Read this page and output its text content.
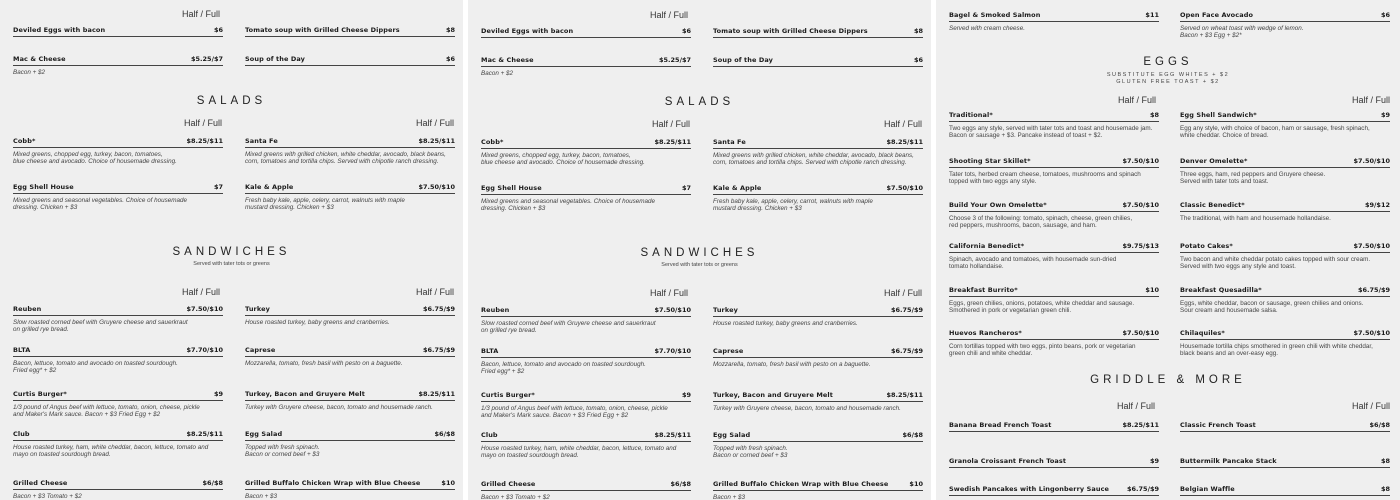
Half / Full
Deviled Eggs with bacon	$6	Tomato soup with Grilled Cheese Dippers	$8
Mac & Cheese	$5.25/$7
Bacon + $2
Soup of the Day	$6
SALADS
Half / Full	Half / Full
Cobb*	$8.25/$11
Mixed greens, chopped egg, turkey, bacon, tomatoes,
blue cheese and avocado. Choice of housemade dressing.
Santa Fe	$8.25/$11
Mixed greens with grilled chicken, white cheddar, avocado, black beans,
corn, tomatoes and tortilla chips. Served with chipotle ranch dressing.
Egg Shell House	$7
Mixed greens and seasonal vegetables. Choice of housemade
dressing. Chicken + $3
Kale & Apple	$7.50/$10
Fresh baby kale, apple, celery, carrot, walnuts with maple
mustard dressing. Chicken + $3
SANDWICHES
Served with tater tots or greens
Half / Full	Half / Full
Reuben	$7.50/$10
Slow roasted corned beef with Gruyere cheese and sauerkraut
on grilled rye bread.
Turkey	$6.75/$9
House roasted turkey, baby greens and cranberries.
BLTA	$7.70/$10
Bacon, lettuce, tomato and avocado on toasted sourdough.
Fried egg* + $2
Caprese	$6.75/$9
Mozzarella, tomato, fresh basil with pesto on a baguette.
Curtis Burger*	$9
1/3 pound of Angus beef with lettuce, tomato, onion, cheese, pickle
and Maker's Mark sauce. Bacon + $3 Fried Egg + $2
Turkey, Bacon and Gruyere Melt	$8.25/$11
Turkey with Gruyere cheese, bacon, tomato and housemade ranch.
Club	$8.25/$11
House roasted turkey, ham, white cheddar, bacon, lettuce, tomato and
mayo on toasted sourdough bread.
Egg Salad	$6/$8
Topped with fresh spinach.
Bacon or corned beef + $3
Grilled Cheese	$6/$8
Bacon + $3 Tomato + $2
Grilled Buffalo Chicken Wrap with Blue Cheese	$10
Bacon + $3
Half / Full
Deviled Eggs with bacon	$6	Tomato soup with Grilled Cheese Dippers	$8
Mac & Cheese	$5.25/$7
Bacon + $2
Soup of the Day	$6
SALADS
Half / Full	Half / Full
Cobb*	$8.25/$11
Mixed greens, chopped egg, turkey, bacon, tomatoes,
blue cheese and avocado. Choice of housemade dressing.
Santa Fe	$8.25/$11
Mixed greens with grilled chicken, white cheddar, avocado, black beans,
corn, tomatoes and tortilla chips. Served with chipotle ranch dressing.
Egg Shell House	$7
Mixed greens and seasonal vegetables. Choice of housemade
dressing. Chicken + $3
Kale & Apple	$7.50/$10
Fresh baby kale, apple, celery, carrot, walnuts with maple
mustard dressing. Chicken + $3
SANDWICHES
Served with tater tots or greens
Half / Full	Half / Full
Reuben	$7.50/$10
Slow roasted corned beef with Gruyere cheese and sauerkraut
on grilled rye bread.
Turkey	$6.75/$9
House roasted turkey, baby greens and cranberries.
BLTA	$7.70/$10
Bacon, lettuce, tomato and avocado on toasted sourdough.
Fried egg* + $2
Caprese	$6.75/$9
Mozzarella, tomato, fresh basil with pesto on a baguette.
Curtis Burger*	$9
1/3 pound of Angus beef with lettuce, tomato, onion, cheese, pickle
and Maker's Mark sauce. Bacon + $3 Fried Egg + $2
Turkey, Bacon and Gruyere Melt	$8.25/$11
Turkey with Gruyere cheese, bacon, tomato and housemade ranch.
Club	$8.25/$11
House roasted turkey, ham, white cheddar, bacon, lettuce, tomato and
mayo on toasted sourdough bread.
Egg Salad	$6/$8
Topped with fresh spinach.
Bacon or corned beef + $3
Grilled Cheese	$6/$8
Bacon + $3 Tomato + $2
Grilled Buffalo Chicken Wrap with Blue Cheese	$10
Bacon + $3
Bagel & Smoked Salmon	$11
Served with cream cheese.
Open Face Avocado	$6
Served on wheat toast with wedge of lemon.
Bacon + $3 Egg + $2*
EGGS
SUBSTITUTE EGG WHITES + $2
GLUTEN FREE TOAST + $2
Half / Full	Half / Full
Traditional*	$8
Two eggs any style, served with tater tots and toast and housemade jam.
Bacon or sausage + $3. Pancake instead of toast + $2.
Egg Shell Sandwich*	$9
Egg any style, with choice of bacon, ham or sausage, fresh spinach,
white cheddar. Choice of bread.
Shooting Star Skillet*	$7.50/$10
Tater tots, herbed cream cheese, tomatoes, mushrooms and spinach
topped with two eggs any style.
Denver Omelette*	$7.50/$10
Three eggs, ham, red peppers and Gruyere cheese.
Served with tater tots and toast.
Build Your Own Omelette*	$7.50/$10
Choose 3 of the following: tomato, spinach, cheese, green chilies,
red peppers, mushrooms, bacon, sausage, and ham.
Classic Benedict*	$9/$12
The traditional, with ham and housemade hollandaise.
California Benedict*	$9.75/$13
Spinach, avocado and tomatoes, with housemade sun-dried
tomato hollandaise.
Potato Cakes*	$7.50/$10
Two bacon and white cheddar potato cakes topped with sour cream.
Served with two eggs any style and toast.
Breakfast Burrito*	$10
Eggs, green chilies, onions, potatoes, white cheddar and sausage.
Smothered in pork or vegetarian green chili.
Breakfast Quesadilla*	$6.75/$9
Eggs, white cheddar, bacon or sausage, green chilies and onions.
Sour cream and housemade salsa.
Huevos Rancheros*	$7.50/$10
Corn tortillas topped with two eggs, pinto beans, pork or vegetarian
green chili and white cheddar.
Chilaquiles*	$7.50/$10
Housemade tortilla chips smothered in green chili with white cheddar,
black beans and an over-easy egg.
GRIDDLE & MORE
Half / Full	Half / Full
Banana Bread French Toast	$8.25/$11	Classic French Toast	$6/$8
Granola Croissant French Toast	$9	Buttermilk Pancake Stack	$8
Swedish Pancakes with Lingonberry Sauce	$6.75/$9	Belgian Waffle	$8
